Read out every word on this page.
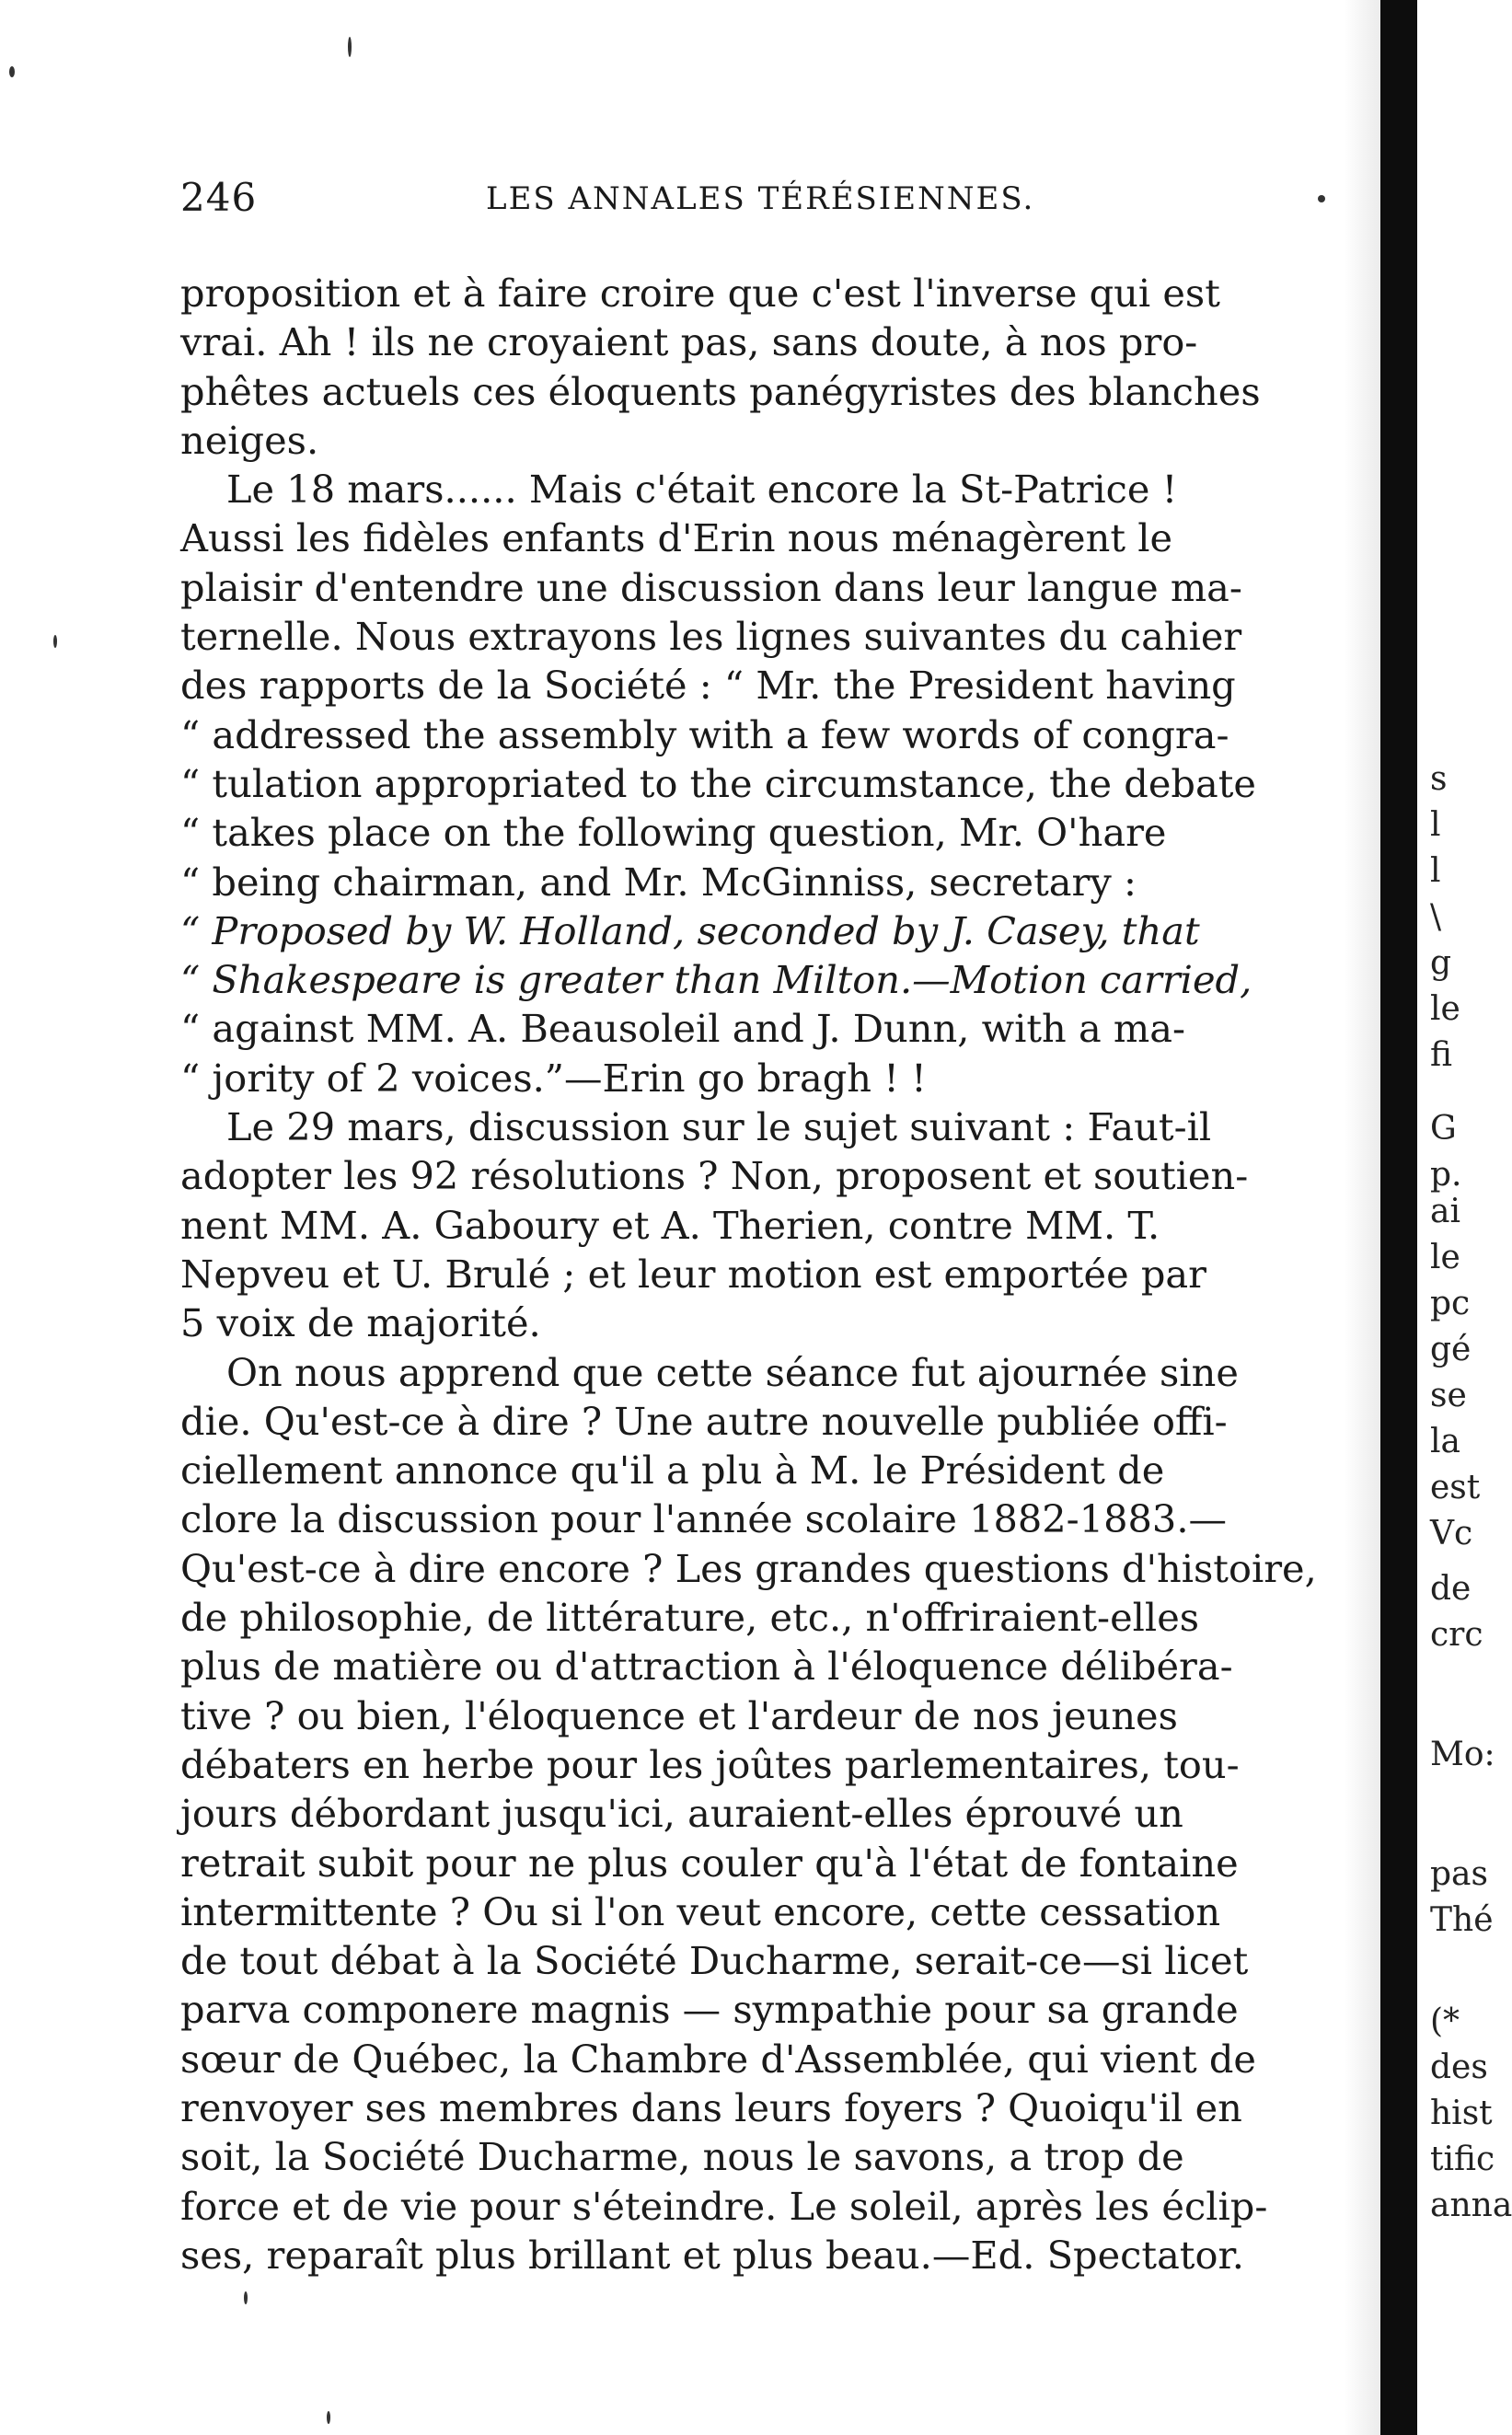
246	LES ANNALES TÉRÉSIENNES.
proposition et à faire croire que c'est l'inverse qui est
vrai. Ah ! ils ne croyaient pas, sans doute, à nos pro-
phêtes actuels ces éloquents panégyristes des blanches
neiges.
Le 18 mars...... Mais c'était encore la St-Patrice !
Aussi les fidèles enfants d'Erin nous ménagèrent le
plaisir d'entendre une discussion dans leur langue ma-
ternelle. Nous extrayons les lignes suivantes du cahier
des rapports de la Société : “ Mr. the President having
“ addressed the assembly with a few words of congra-
“ tulation appropriated to the circumstance, the debate
“ takes place on the following question, Mr. O'hare
“ being chairman, and Mr. McGinniss, secretary :
“ Proposed by W. Holland, seconded by J. Casey, that
“ Shakespeare is greater than Milton.—Motion carried,
“ against MM. A. Beausoleil and J. Dunn, with a ma-
“ jority of 2 voices.”—Erin go bragh ! !
Le 29 mars, discussion sur le sujet suivant : Faut-il
adopter les 92 résolutions ? Non, proposent et soutien-
nent MM. A. Gaboury et A. Therien, contre MM. T.
Nepveu et U. Brulé ; et leur motion est emportée par
5 voix de majorité.
On nous apprend que cette séance fut ajournée sine
die. Qu'est-ce à dire ? Une autre nouvelle publiée offi-
ciellement annonce qu'il a plu à M. le Président de
clore la discussion pour l'année scolaire 1882-1883.—
Qu'est-ce à dire encore ? Les grandes questions d'histoire,
de philosophie, de littérature, etc., n'offriraient-elles
plus de matière ou d'attraction à l'éloquence délibéra-
tive ? ou bien, l'éloquence et l'ardeur de nos jeunes
débaters en herbe pour les joûtes parlementaires, tou-
jours débordant jusqu'ici, auraient-elles éprouvé un
retrait subit pour ne plus couler qu'à l'état de fontaine
intermittente ? Ou si l'on veut encore, cette cessation
de tout débat à la Société Ducharme, serait-ce—si licet
parva componere magnis — sympathie pour sa grande
sœur de Québec, la Chambre d'Assemblée, qui vient de
renvoyer ses membres dans leurs foyers ? Quoiqu'il en
soit, la Société Ducharme, nous le savons, a trop de
force et de vie pour s'éteindre. Le soleil, après les éclip-
ses, reparaît plus brillant et plus beau.—Ed. Spectator.
s
l
l
\
g
le
fi
G
p.
ai
le
pc
gé
se
la
est
Vc
de
crc
Mo:
pas
Thé
(*
des
hist
tific
anna
